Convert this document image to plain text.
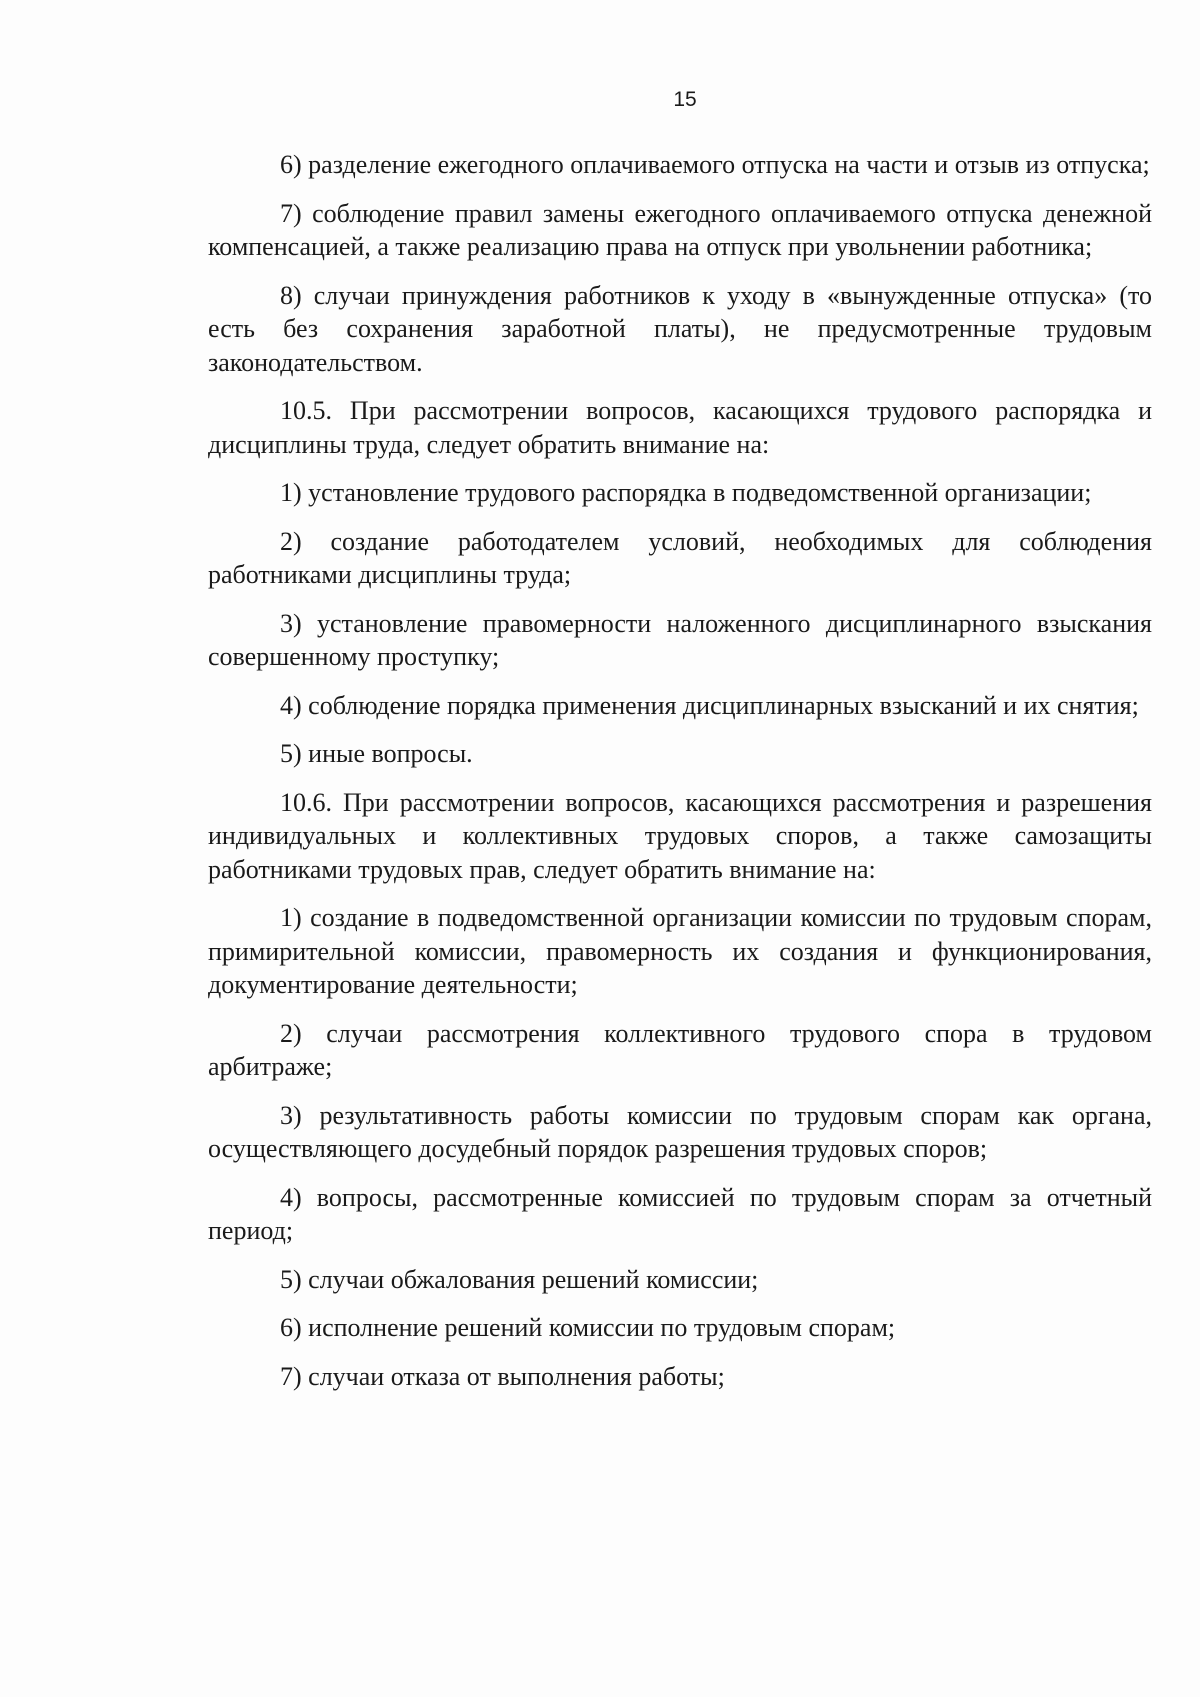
15

6) разделение ежегодного оплачиваемого отпуска на части и отзыв из отпуска;

7) соблюдение правил замены ежегодного оплачиваемого отпуска денежной компенсацией, а также реализацию права на отпуск при увольнении работника;

8) случаи принуждения работников к уходу в «вынужденные отпуска» (то есть без сохранения заработной платы), не предусмотренные трудовым законодательством.

10.5. При рассмотрении вопросов, касающихся трудового распорядка и дисциплины труда, следует обратить внимание на:

1) установление трудового распорядка в подведомственной организации;

2) создание работодателем условий, необходимых для соблюдения работниками дисциплины труда;

3) установление правомерности наложенного дисциплинарного взыскания совершенному проступку;

4) соблюдение порядка применения дисциплинарных взысканий и их снятия;

5) иные вопросы.

10.6. При рассмотрении вопросов, касающихся рассмотрения и разрешения индивидуальных и коллективных трудовых споров, а также самозащиты работниками трудовых прав, следует обратить внимание на:

1) создание в подведомственной организации комиссии по трудовым спорам, примирительной комиссии, правомерность их создания и функционирования, документирование деятельности;

2) случаи рассмотрения коллективного трудового спора в трудовом арбитраже;

3) результативность работы комиссии по трудовым спорам как органа, осуществляющего досудебный порядок разрешения трудовых споров;

4) вопросы, рассмотренные комиссией по трудовым спорам за отчетный период;

5) случаи обжалования решений комиссии;

6) исполнение решений комиссии по трудовым спорам;

7) случаи отказа от выполнения работы;
